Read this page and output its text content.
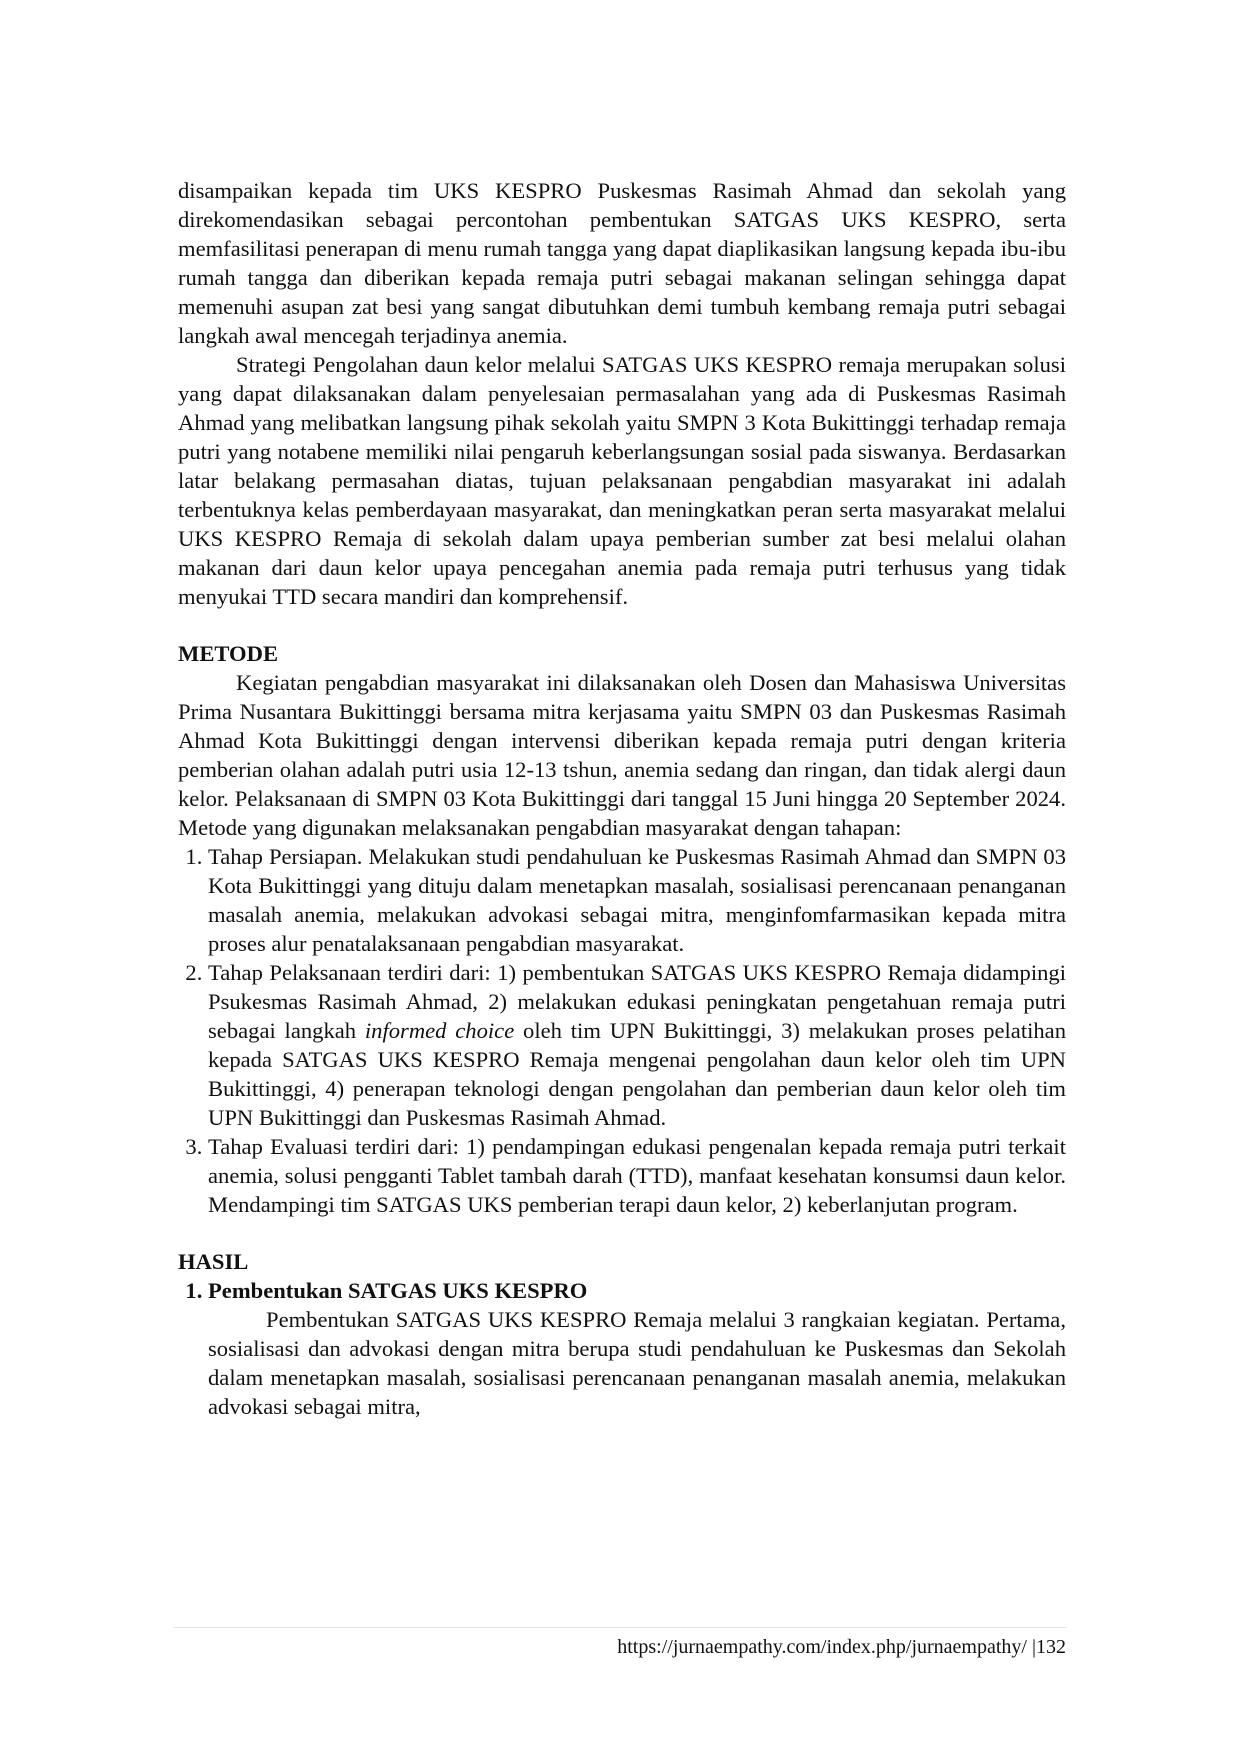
disampaikan kepada tim UKS KESPRO Puskesmas Rasimah Ahmad dan sekolah yang direkomendasikan sebagai percontohan pembentukan SATGAS UKS KESPRO, serta memfasilitasi penerapan di menu rumah tangga yang dapat diaplikasikan langsung kepada ibu-ibu rumah tangga dan diberikan kepada remaja putri sebagai makanan selingan sehingga dapat memenuhi asupan zat besi yang sangat dibutuhkan demi tumbuh kembang remaja putri sebagai langkah awal mencegah terjadinya anemia.

Strategi Pengolahan daun kelor melalui SATGAS UKS KESPRO remaja merupakan solusi yang dapat dilaksanakan dalam penyelesaian permasalahan yang ada di Puskesmas Rasimah Ahmad yang melibatkan langsung pihak sekolah yaitu SMPN 3 Kota Bukittinggi terhadap remaja putri yang notabene memiliki nilai pengaruh keberlangsungan sosial pada siswanya. Berdasarkan latar belakang permasahan diatas, tujuan pelaksanaan pengabdian masyarakat ini adalah terbentuknya kelas pemberdayaan masyarakat, dan meningkatkan peran serta masyarakat melalui UKS KESPRO Remaja di sekolah dalam upaya pemberian sumber zat besi melalui olahan makanan dari daun kelor upaya pencegahan anemia pada remaja putri terhusus yang tidak menyukai TTD secara mandiri dan komprehensif.

METODE

Kegiatan pengabdian masyarakat ini dilaksanakan oleh Dosen dan Mahasiswa Universitas Prima Nusantara Bukittinggi bersama mitra kerjasama yaitu SMPN 03 dan Puskesmas Rasimah Ahmad Kota Bukittinggi dengan intervensi diberikan kepada remaja putri dengan kriteria pemberian olahan adalah putri usia 12-13 tshun, anemia sedang dan ringan, dan tidak alergi daun kelor. Pelaksanaan di SMPN 03 Kota Bukittinggi dari tanggal 15 Juni hingga 20 September 2024. Metode yang digunakan melaksanakan pengabdian masyarakat dengan tahapan:

1. Tahap Persiapan. Melakukan studi pendahuluan ke Puskesmas Rasimah Ahmad dan SMPN 03 Kota Bukittinggi yang dituju dalam menetapkan masalah, sosialisasi perencanaan penanganan masalah anemia, melakukan advokasi sebagai mitra, menginfomfarmasikan kepada mitra proses alur penatalaksanaan pengabdian masyarakat.
2. Tahap Pelaksanaan terdiri dari: 1) pembentukan SATGAS UKS KESPRO Remaja didampingi Psukesmas Rasimah Ahmad, 2) melakukan edukasi peningkatan pengetahuan remaja putri sebagai langkah informed choice oleh tim UPN Bukittinggi, 3) melakukan proses pelatihan kepada SATGAS UKS KESPRO Remaja mengenai pengolahan daun kelor oleh tim UPN Bukittinggi, 4) penerapan teknologi dengan pengolahan dan pemberian daun kelor oleh tim UPN Bukittinggi dan Puskesmas Rasimah Ahmad.
3. Tahap Evaluasi terdiri dari: 1) pendampingan edukasi pengenalan kepada remaja putri terkait anemia, solusi pengganti Tablet tambah darah (TTD), manfaat kesehatan konsumsi daun kelor. Mendampingi tim SATGAS UKS pemberian terapi daun kelor, 2) keberlanjutan program.

HASIL

1. Pembentukan SATGAS UKS KESPRO

Pembentukan SATGAS UKS KESPRO Remaja melalui 3 rangkaian kegiatan. Pertama, sosialisasi dan advokasi dengan mitra berupa studi pendahuluan ke Puskesmas dan Sekolah dalam menetapkan masalah, sosialisasi perencanaan penanganan masalah anemia, melakukan advokasi sebagai mitra,

https://jurnaempathy.com/index.php/jurnaempathy/ |132
